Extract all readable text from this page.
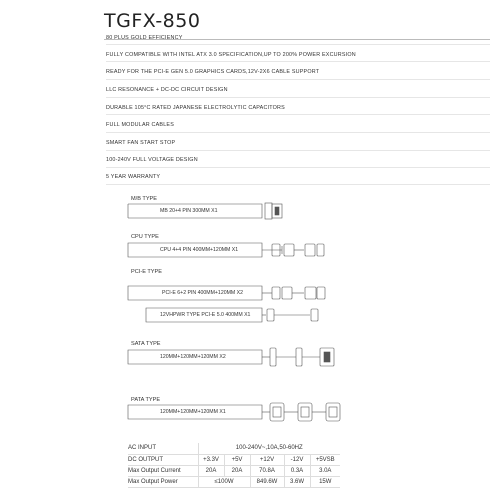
TGFX-850
80 PLUS GOLD EFFICIENCY
FULLY COMPATIBLE WITH INTEL ATX 3.0 SPECIFICATION,UP TO 200% POWER EXCURSION
READY FOR THE PCI-E GEN 5.0 GRAPHICS CARDS,12V-2X6 CABLE SUPPORT
LLC RESONANCE + DC-DC CIRCUIT DESIGN
DURABLE 105°C RATED JAPANESE ELECTROLYTIC CAPACITORS
FULL MODULAR CABLES
SMART FAN START STOP
100-240V FULL VOLTAGE DESIGN
5 YEAR WARRANTY
M/B TYPE
CPU TYPE
PCI-E TYPE
SATA TYPE
PATA TYPE
MB 20+4 PIN 300MM X1
CPU 4+4 PIN 400MM+120MM X1
PCI-E 6+2 PIN 400MM+120MM X2
12VHPWR TYPE PCI-E 5.0 400MM X1
120MM+120MM+120MM X2
120MM+120MM+120MM X1
AC INPUT	100-240V~,10A,50-60HZ				
DC OUTPUT	+3.3V	+5V	+12V	-12V	+5VSB
Max Output Current	20A	20A	70.8A	0.3A	3.0A
Max Output Power	≤100W		849.6W	3.6W	15W
